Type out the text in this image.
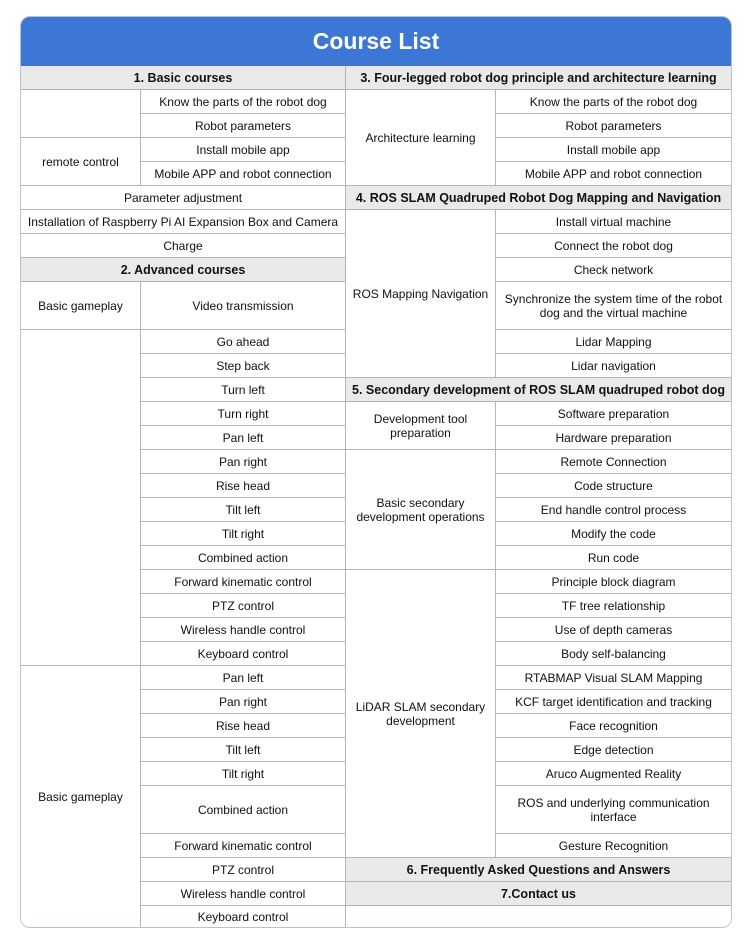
Course List
1. Basic courses
remote control
Know the parts of the robot dog
Robot parameters
Install mobile app
Mobile APP and robot connection
Parameter adjustment
Installation of Raspberry Pi AI Expansion Box and Camera
Charge
2. Advanced courses
Basic gameplay	Video transmission
Go ahead
Step back
Turn left
Turn right
Pan left
Pan right
Rise head
Tilt left
Tilt right
Combined action
Forward kinematic control
PTZ control
Wireless handle control
Keyboard control
Basic gameplay
Pan left
Pan right
Rise head
Tilt left
Tilt right
Combined action
Forward kinematic control
PTZ control
Wireless handle control
Keyboard control
3. Four-legged robot dog principle and architecture learning
Architecture learning
Know the parts of the robot dog
Robot parameters
Install mobile app
Mobile APP and robot connection
4. ROS SLAM Quadruped Robot Dog Mapping and Navigation
ROS Mapping Navigation
Install virtual machine
Connect the robot dog
Check network
Synchronize the system time of the robot dog and the virtual machine
Lidar Mapping
Lidar navigation
5. Secondary development of ROS SLAM quadruped robot dog
Development tool preparation
Software preparation
Hardware preparation
Basic secondary development operations
Remote Connection
Code structure
End handle control process
Modify the code
Run code
LiDAR SLAM secondary development
Principle block diagram
TF tree relationship
Use of depth cameras
Body self-balancing
RTABMAP Visual SLAM Mapping
KCF target identification and tracking
Face recognition
Edge detection
Aruco Augmented Reality
ROS and underlying communication interface
Gesture Recognition
6. Frequently Asked Questions and Answers
7.Contact us
